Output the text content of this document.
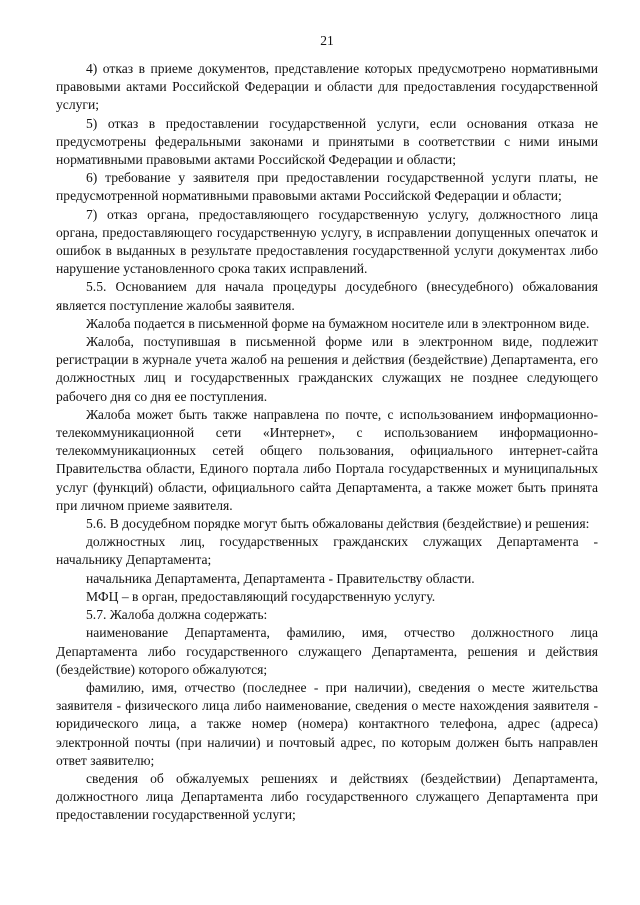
21

4) отказ в приеме документов, представление которых предусмотрено нормативными правовыми актами Российской Федерации и области для предоставления государственной услуги;

5) отказ в предоставлении государственной услуги, если основания отказа не предусмотрены федеральными законами и принятыми в соответствии с ними иными нормативными правовыми актами Российской Федерации и области;

6) требование у заявителя при предоставлении государственной услуги платы, не предусмотренной нормативными правовыми актами Российской Федерации и области;

7) отказ органа, предоставляющего государственную услугу, должностного лица органа, предоставляющего государственную услугу, в исправлении допущенных опечаток и ошибок в выданных в результате предоставления государственной услуги документах либо нарушение установленного срока таких исправлений.

5.5. Основанием для начала процедуры досудебного (внесудебного) обжалования является поступление жалобы заявителя.

Жалоба подается в письменной форме на бумажном носителе или в электронном виде.

Жалоба, поступившая в письменной форме или в электронном виде, подлежит регистрации в журнале учета жалоб на решения и действия (бездействие) Департамента, его должностных лиц и государственных гражданских служащих не позднее следующего рабочего дня со дня ее поступления.

Жалоба может быть также направлена по почте, с использованием информационно-телекоммуникационной сети «Интернет», с использованием информационно-телекоммуникационных сетей общего пользования, официального интернет-сайта Правительства области, Единого портала либо Портала государственных и муниципальных услуг (функций) области, официального сайта Департамента, а также может быть принята при личном приеме заявителя.

5.6. В досудебном порядке могут быть обжалованы действия (бездействие) и решения:

должностных лиц, государственных гражданских служащих Департамента - начальнику Департамента;

начальника Департамента, Департамента - Правительству области.

МФЦ – в орган, предоставляющий государственную услугу.

5.7. Жалоба должна содержать:

наименование Департамента, фамилию, имя, отчество должностного лица Департамента либо государственного служащего Департамента, решения и действия (бездействие) которого обжалуются;

фамилию, имя, отчество (последнее - при наличии), сведения о месте жительства заявителя - физического лица либо наименование, сведения о месте нахождения заявителя - юридического лица, а также номер (номера) контактного телефона, адрес (адреса) электронной почты (при наличии) и почтовый адрес, по которым должен быть направлен ответ заявителю;

сведения об обжалуемых решениях и действиях (бездействии) Департамента, должностного лица Департамента либо государственного служащего Департамента при предоставлении государственной услуги;
